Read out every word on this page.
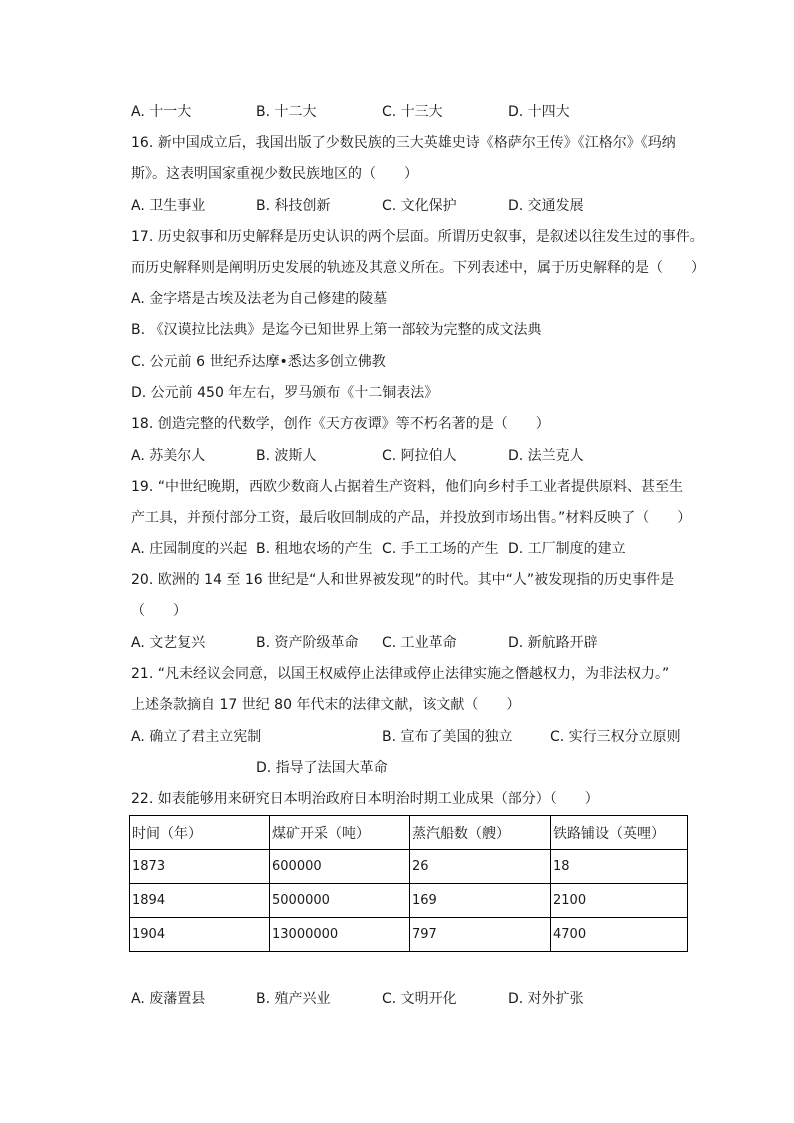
A. 十一大	B. 十二大	C. 十三大	D. 十四大
16. 新中国成立后，我国出版了少数民族的三大英雄史诗《格萨尔王传》《江格尔》《玛纳
斯》。这表明国家重视少数民族地区的（　　）
A. 卫生事业	B. 科技创新	C. 文化保护	D. 交通发展
17. 历史叙事和历史解释是历史认识的两个层面。所谓历史叙事，是叙述以往发生过的事件。
而历史解释则是阐明历史发展的轨迹及其意义所在。下列表述中，属于历史解释的是（　　）
A. 金字塔是古埃及法老为自己修建的陵墓
B. 《汉谟拉比法典》是迄今已知世界上第一部较为完整的成文法典
C. 公元前 6 世纪乔达摩•悉达多创立佛教
D. 公元前 450 年左右，罗马颁布《十二铜表法》
18. 创造完整的代数学，创作《天方夜谭》等不朽名著的是（　　）
A. 苏美尔人	B. 波斯人	C. 阿拉伯人	D. 法兰克人
19. “中世纪晚期，西欧少数商人占据着生产资料，他们向乡村手工业者提供原料、甚至生
产工具，并预付部分工资，最后收回制成的产品，并投放到市场出售。”材料反映了（　　）
A. 庄园制度的兴起 B. 租地农场的产生 C. 手工工场的产生 D. 工厂制度的建立
20. 欧洲的 14 至 16 世纪是“人和世界被发现”的时代。其中“人”被发现指的历史事件是
（　　）
A. 文艺复兴	B. 资产阶级革命 C. 工业革命	D. 新航路开辟
21. “凡未经议会同意，以国王权威停止法律或停止法律实施之僭越权力，为非法权力。”
上述条款摘自 17 世纪 80 年代末的法律文献，该文献（　　）
A. 确立了君主立宪制	B. 宣布了美国的独立	C. 实行三权分立原则
D. 指导了法国大革命
22. 如表能够用来研究日本明治政府日本明治时期工业成果（部分）（　　）
时间（年）	煤矿开采（吨）	蒸汽船数（艘）	铁路铺设（英哩）
1873	600000	26	18
1894	5000000	169	2100
1904	13000000	797	4700
A. 废藩置县	B. 殖产兴业	C. 文明开化	D. 对外扩张
